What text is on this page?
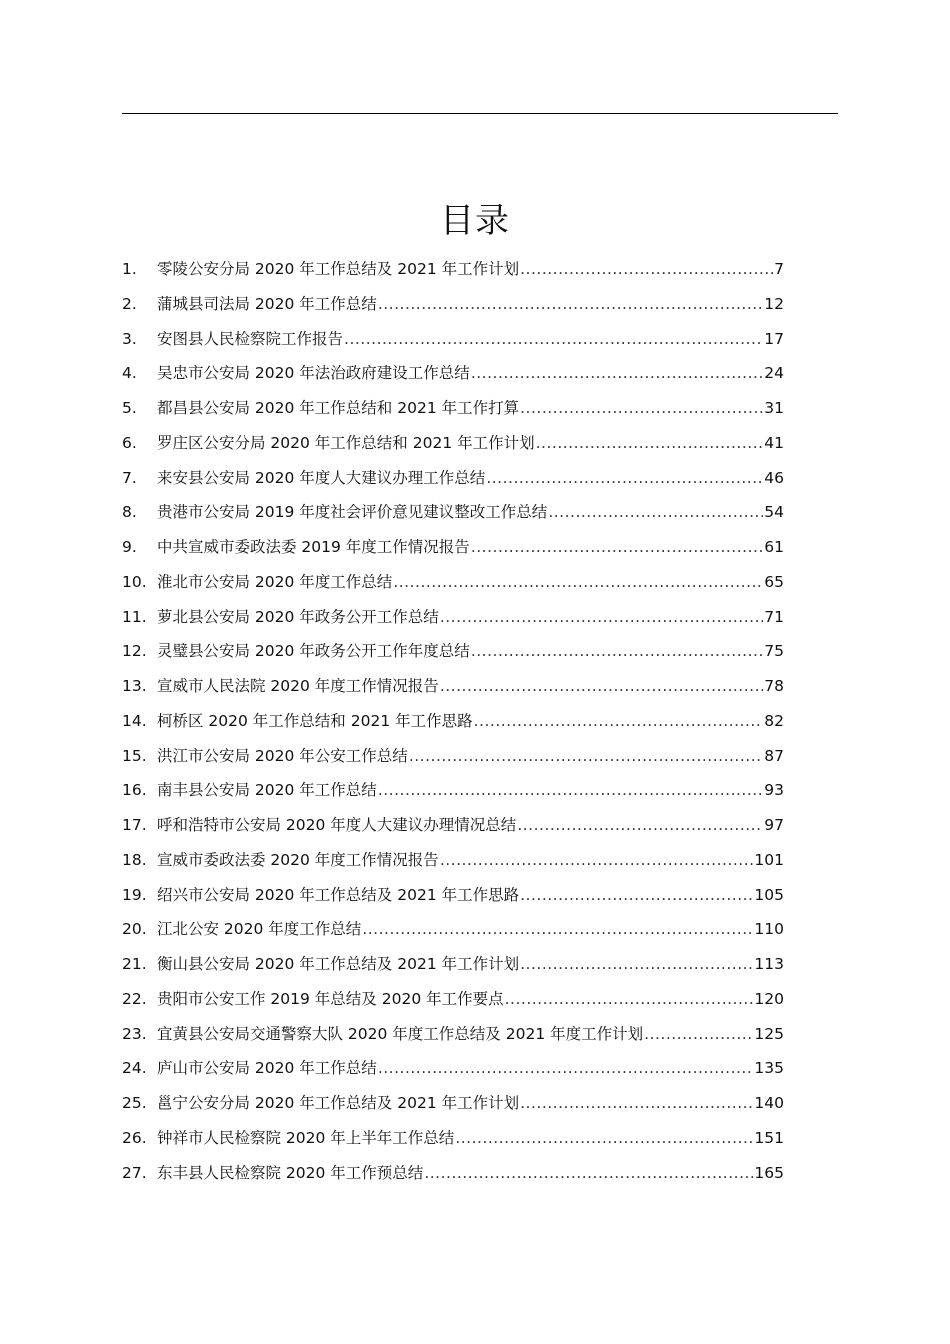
目录
1.	零陵公安分局 2020 年工作总结及 2021 年工作计划 .....	7
2.	蒲城县司法局 2020 年工作总结 .....	12
3.	安图县人民检察院工作报告 .....	17
4.	吴忠市公安局 2020 年法治政府建设工作总结 .....	24
5.	都昌县公安局 2020 年工作总结和 2021 年工作打算 .....	31
6.	罗庄区公安分局 2020 年工作总结和 2021 年工作计划 .....	41
7.	来安县公安局 2020 年度人大建议办理工作总结 .....	46
8.	贵港市公安局 2019 年度社会评价意见建议整改工作总结 .....	54
9.	中共宣威市委政法委 2019 年度工作情况报告 .....	61
10. 淮北市公安局 2020 年度工作总结 .....	65
11. 萝北县公安局 2020 年政务公开工作总结 .....	71
12. 灵璧县公安局 2020 年政务公开工作年度总结 .....	75
13. 宣威市人民法院 2020 年度工作情况报告 .....	78
14. 柯桥区 2020 年工作总结和 2021 年工作思路 .....	82
15. 洪江市公安局 2020 年公安工作总结 .....	87
16. 南丰县公安局 2020 年工作总结 .....	93
17. 呼和浩特市公安局 2020 年度人大建议办理情况总结 .....	97
18. 宣威市委政法委 2020 年度工作情况报告 .....	101
19. 绍兴市公安局 2020 年工作总结及 2021 年工作思路 .....	105
20. 江北公安 2020 年度工作总结 .....	110
21. 衡山县公安局 2020 年工作总结及 2021 年工作计划 .....	113
22. 贵阳市公安工作 2019 年总结及 2020 年工作要点 .....	120
23. 宜黄县公安局交通警察大队 2020 年度工作总结及 2021 年度工作计划 .....	125
24. 庐山市公安局 2020 年工作总结 .....	135
25. 邕宁公安分局 2020 年工作总结及 2021 年工作计划 .....	140
26. 钟祥市人民检察院 2020 年上半年工作总结 .....	151
27. 东丰县人民检察院 2020 年工作预总结 .....	165
